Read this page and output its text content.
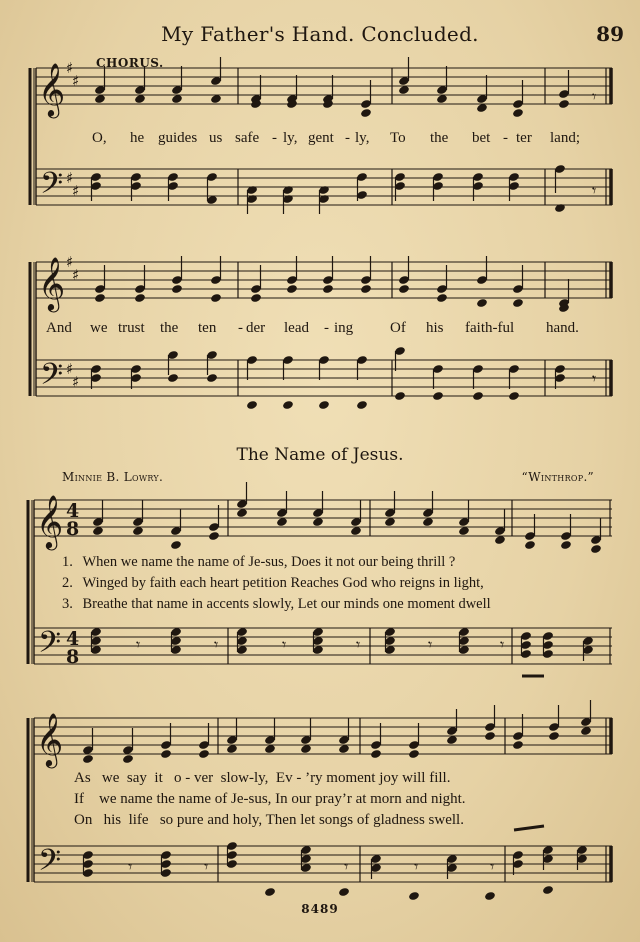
My Father's Hand. Concluded.	89
𝄞
𝄢
♯
♯
♯
♯
𝄾
𝄾
𝄞
𝄢
♯
♯
♯
♯	𝄾
𝄞
𝄢
4
8
4
8
𝄾	𝄾	𝄾	𝄾	𝄾	𝄾
𝄞
𝄢	𝄾	𝄾	𝄾	𝄾	𝄾
CHORUS.
O, he guides us safe - ly, gent - ly, To the bet - ter land;
And we trust the ten - der lead - ing Of his faith-ful hand.
The Name of Jesus.
Minnie B. Lowry.	“Winthrop.”
1. When we name the name of Je-sus, Does it not our being thrill ?
2. Winged by faith each heart petition Reaches God who reigns in light,
3. Breathe that name in accents slowly, Let our minds one moment dwell
As   we  say  it   o - ver  slow-ly,  Ev - ’ry moment joy will fill.
If    we name the name of Je-sus, In our pray’r at morn and night.
On   his  life   so pure and holy, Then let songs of gladness swell.
8489
